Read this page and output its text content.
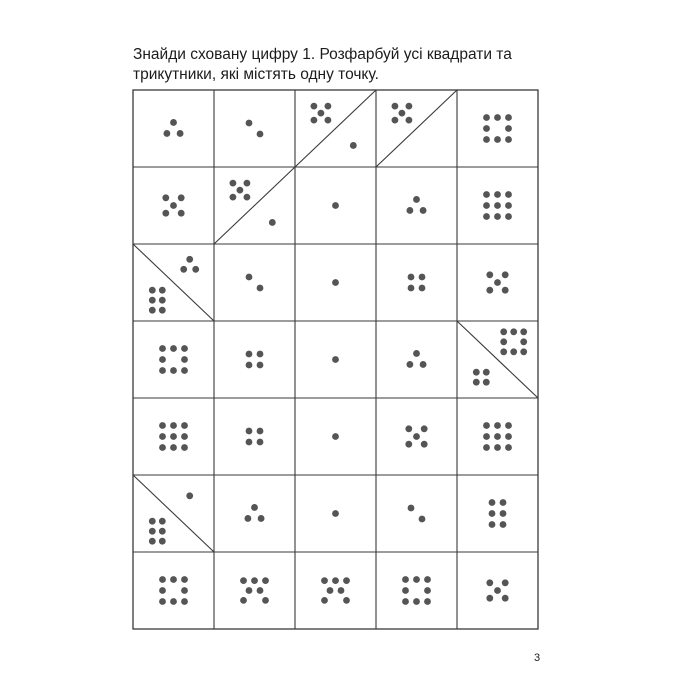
Знайди сховану цифру 1. Розфарбуй усі квадрати та трикутники, які містять одну точку.

3
